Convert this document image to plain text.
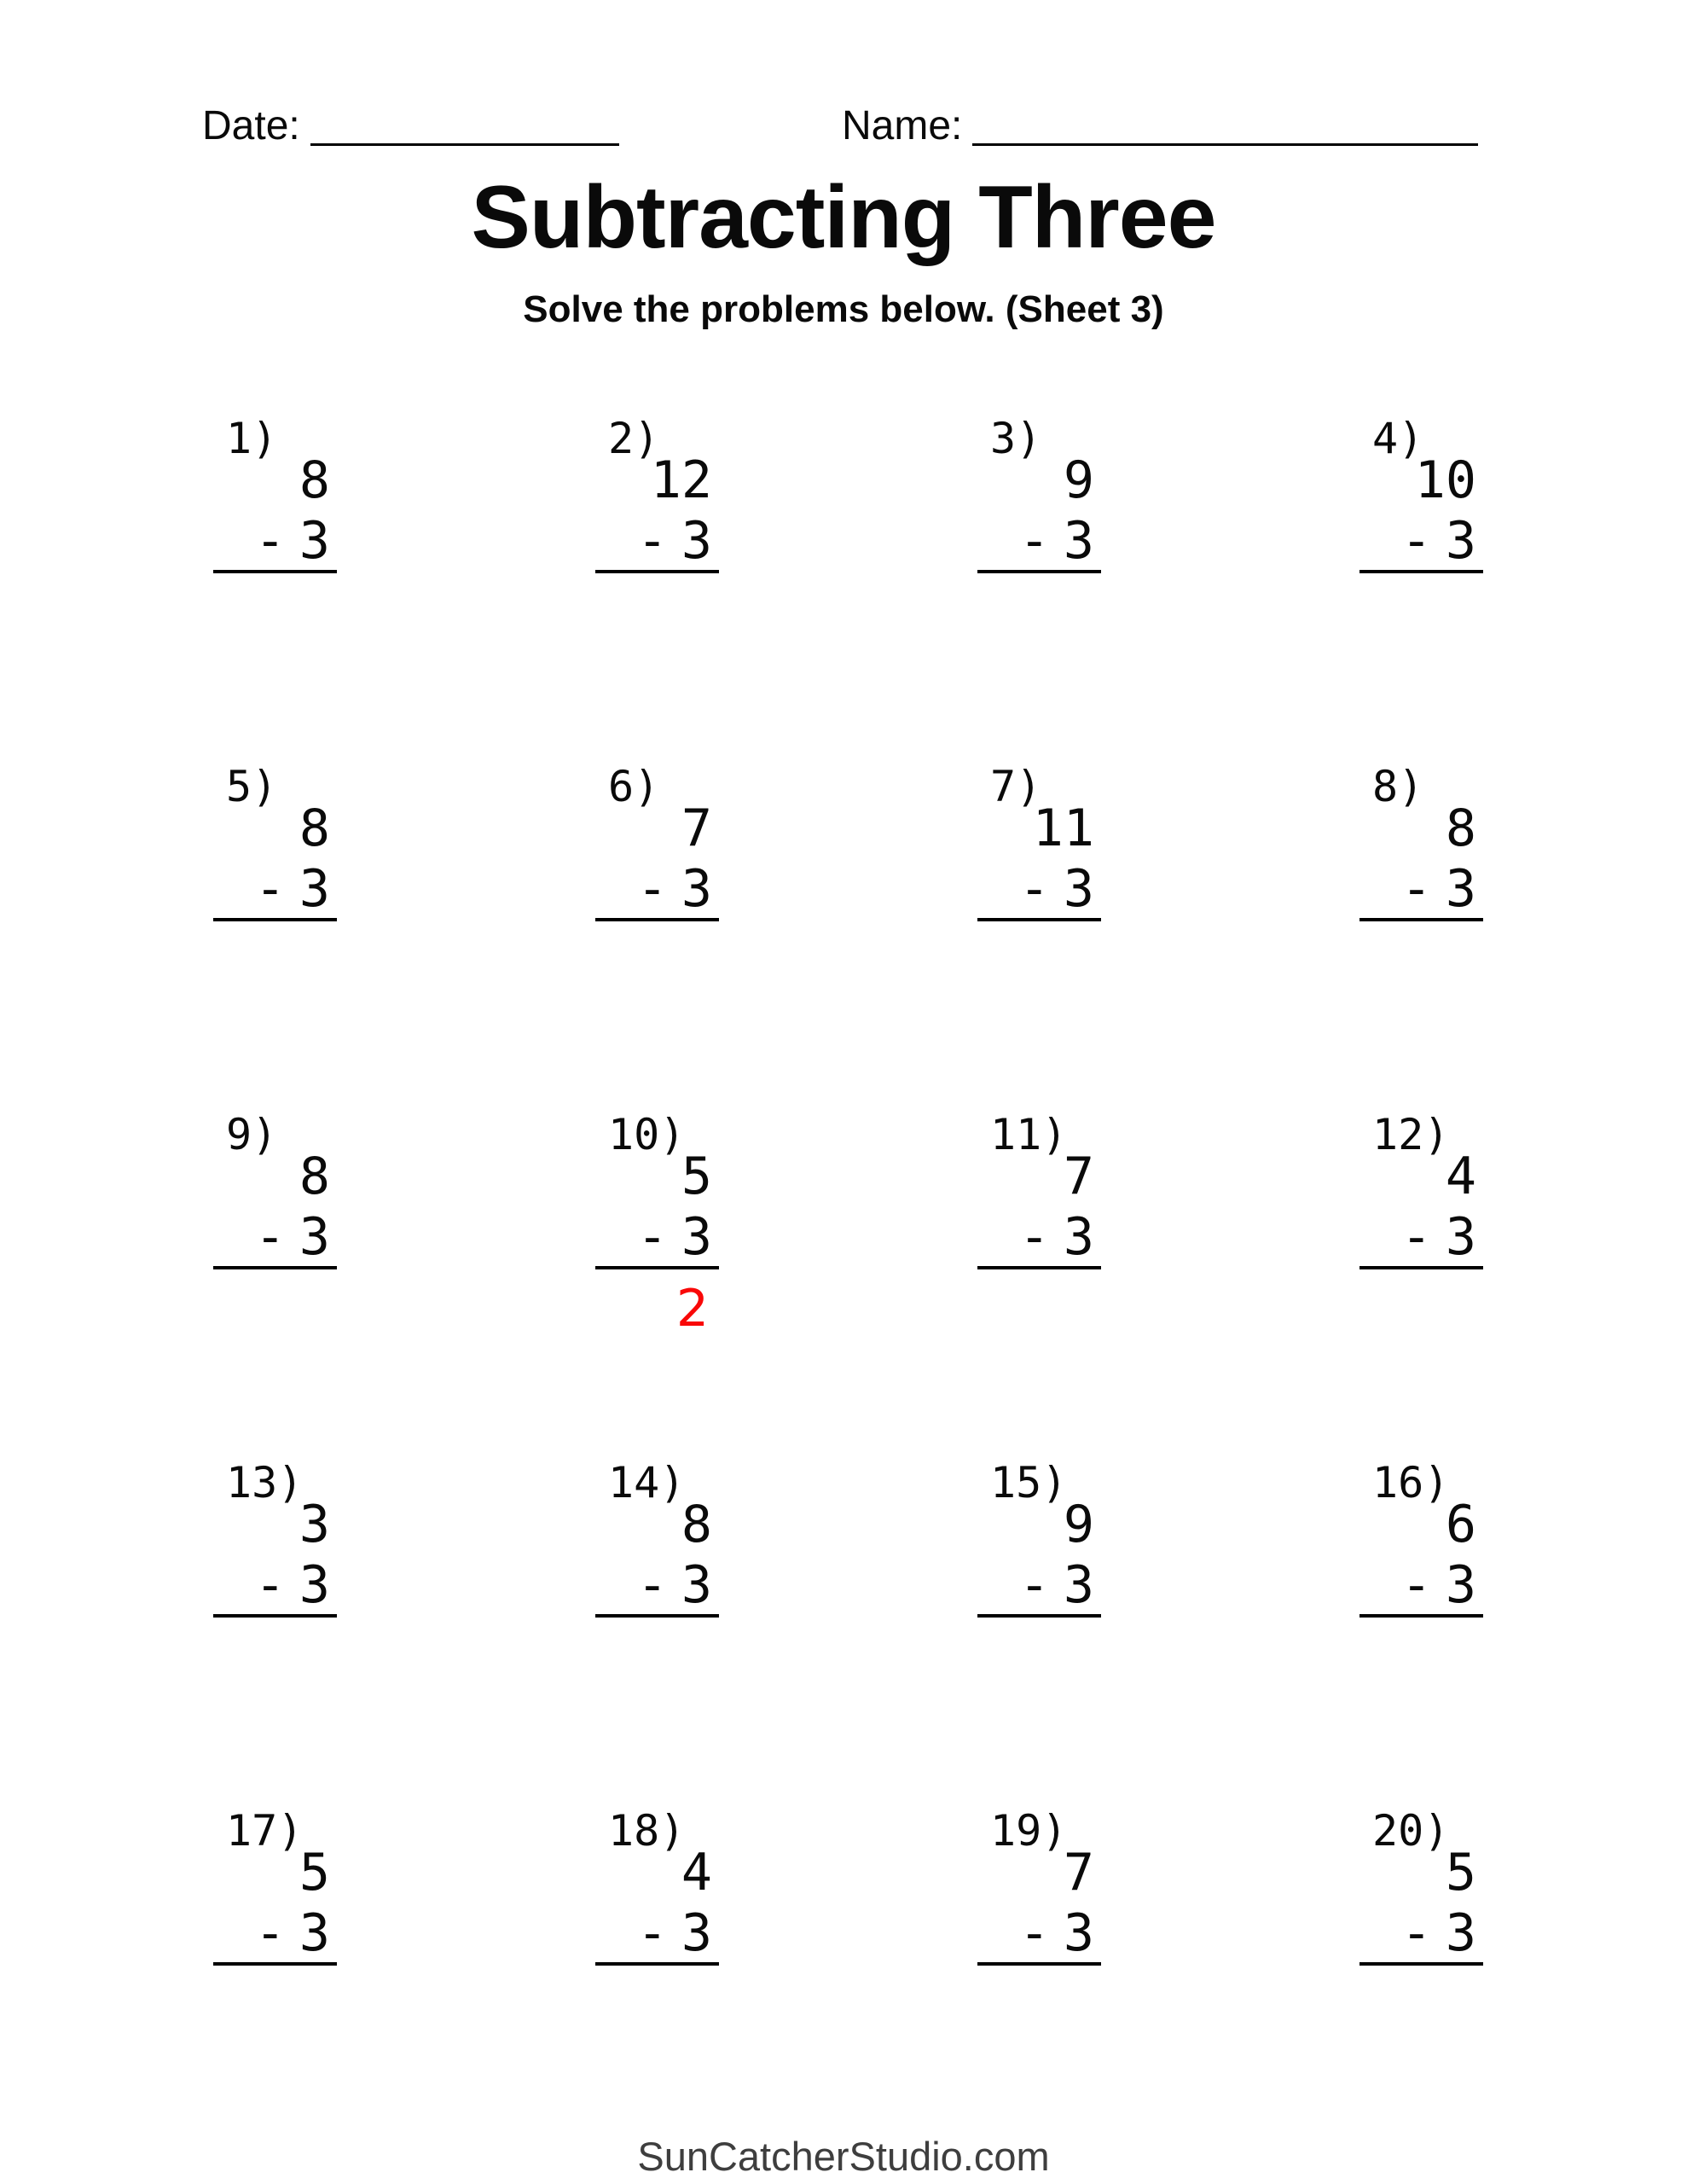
Date:	Name:
Subtracting Three
Solve the problems below. (Sheet 3)
1)
8
- 3
2)
12
- 3
3)
9
- 3
4)
10
- 3
5)
8
- 3
6)
7
- 3
7)
11
- 3
8)
8
- 3
9)
8
- 3
10)
5
- 3
2
11)
7
- 3
12)
4
- 3
13)
3
- 3
14)
8
- 3
15)
9
- 3
16)
6
- 3
17)
5
- 3
18)
4
- 3
19)
7
- 3
20)
5
- 3
SunCatcherStudio.com
